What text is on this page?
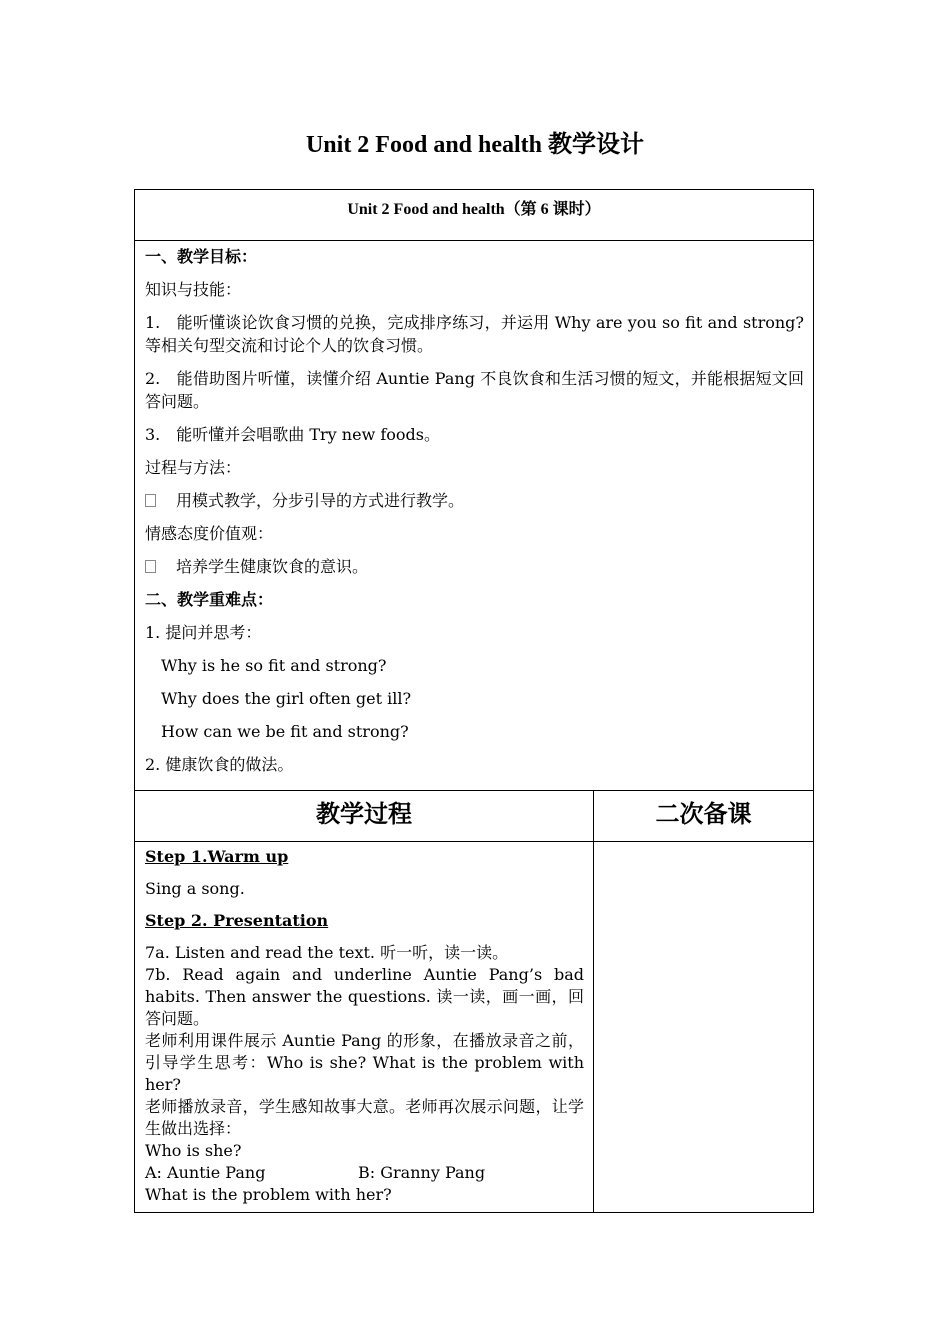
Unit 2 Food and health 教学设计
Unit 2 Food and health（第 6 课时）

一、教学目标：

知识与技能：

1.　能听懂谈论饮食习惯的兑换，完成排序练习，并运用 Why are you so fit and strong?等相关句型交流和讨论个人的饮食习惯。

2.　能借助图片听懂，读懂介绍 Auntie Pang 不良饮食和生活习惯的短文，并能根据短文回答问题。

3.　能听懂并会唱歌曲 Try new foods。

过程与方法：

用模式教学，分步引导的方式进行教学。

情感态度价值观：

培养学生健康饮食的意识。

二、教学重难点：

1. 提问并思考：

Why is he so fit and strong?

Why does the girl often get ill?

How can we be fit and strong?

2. 健康饮食的做法。

教学过程	二次备课

Step 1.Warm up

Sing a song.

Step 2. Presentation

7a. Listen and read the text. 听一听，读一读。

7b. Read again and underline Auntie Pang’s bad habits. Then answer the questions. 读一读，画一画，回答问题。

老师利用课件展示 Auntie Pang 的形象，在播放录音之前，引导学生思考：Who is she? What is the problem with her?

老师播放录音，学生感知故事大意。老师再次展示问题，让学生做出选择：

Who is she?

A: Auntie Pang	B: Granny Pang

What is the problem with her?
